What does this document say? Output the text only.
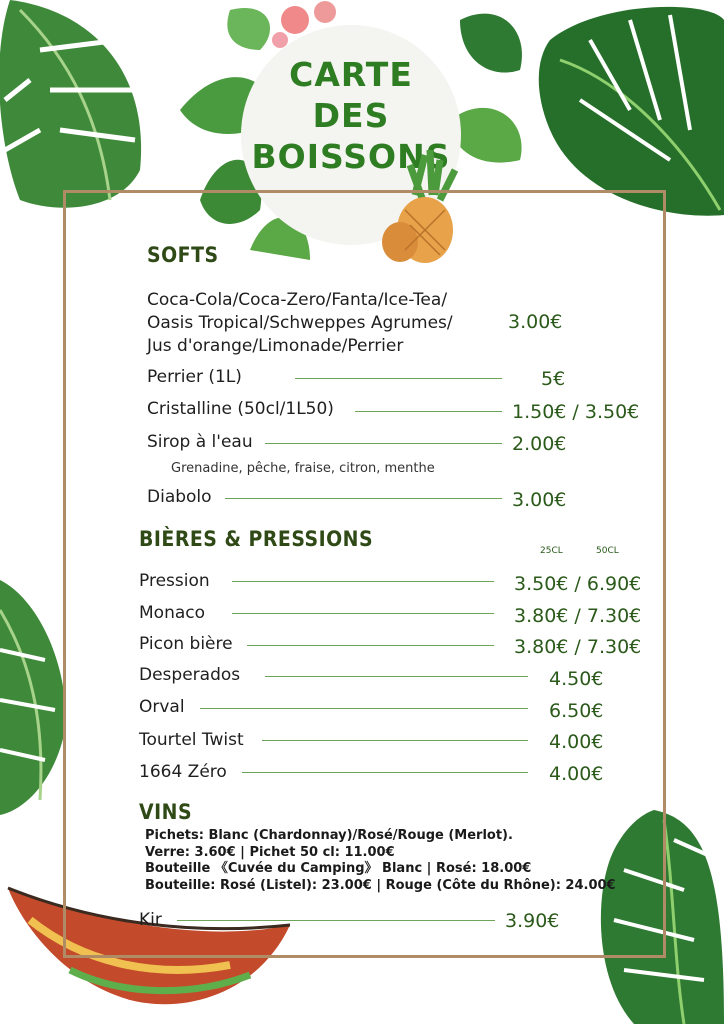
CARTE
DES
BOISSONS
SOFTS
Coca-Cola/Coca-Zero/Fanta/Ice-Tea/
Oasis Tropical/Schweppes Agrumes/
Jus d'orange/Limonade/Perrier
3.00€
Perrier (1L)	5€
Cristalline (50cl/1L50)	1.50€ / 3.50€
Sirop à l'eau	2.00€
Grenadine, pêche, fraise, citron, menthe
Diabolo	3.00€
BIÈRES & PRESSIONS	25CL	50CL
Pression	3.50€ / 6.90€
Monaco	3.80€ / 7.30€
Picon bière	3.80€ / 7.30€
Desperados	4.50€
Orval	6.50€
Tourtel Twist	4.00€
1664 Zéro	4.00€
VINS
Pichets: Blanc (Chardonnay)/Rosé/Rouge (Merlot).
Verre: 3.60€ | Pichet 50 cl: 11.00€
Bouteille 《Cuvée du Camping》 Blanc | Rosé: 18.00€
Bouteille: Rosé (Listel): 23.00€ | Rouge (Côte du Rhône): 24.00€
Kir	3.90€
